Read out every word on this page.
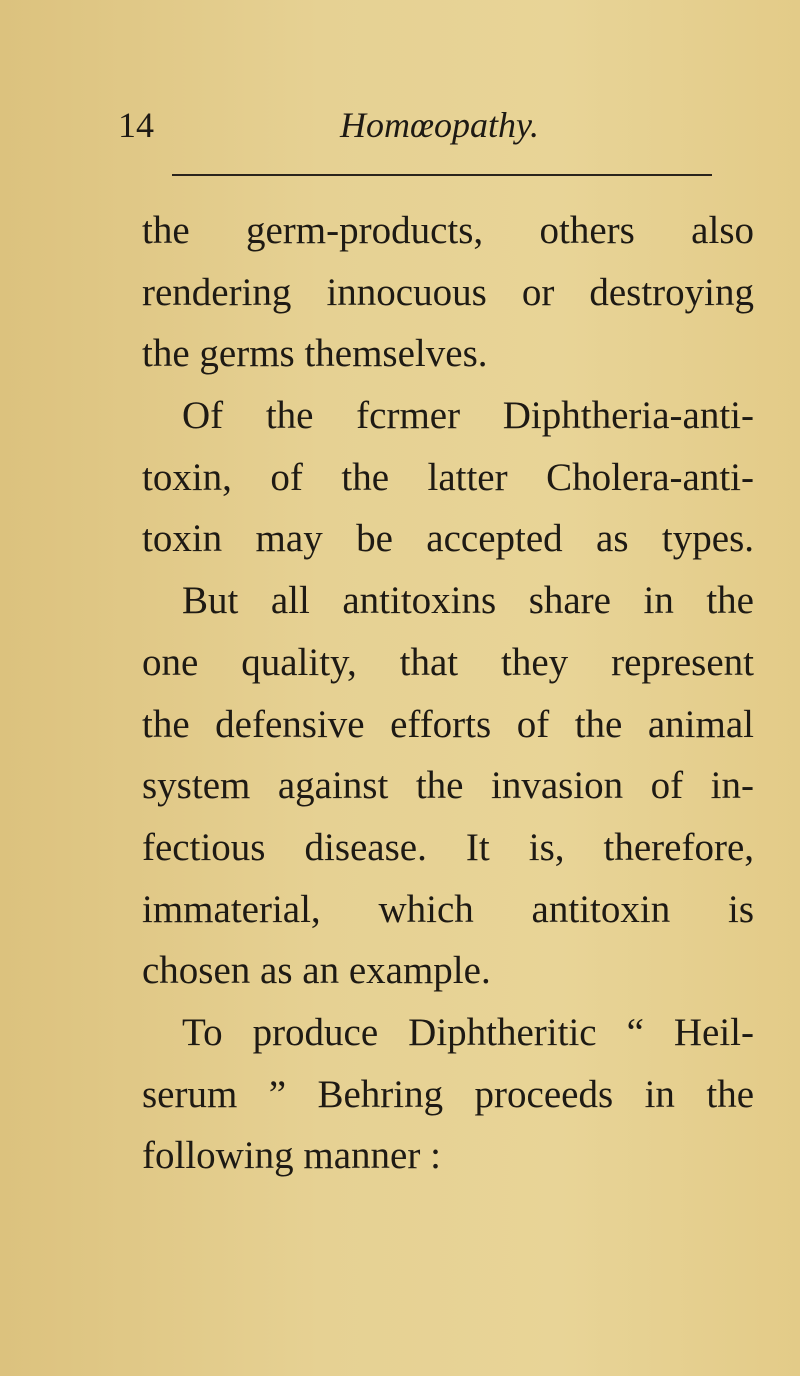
14	Homœopathy.
the germ-products, others also
rendering innocuous or destroying
the germs themselves.
Of the fcrmer Diphtheria-anti-
toxin, of the latter Cholera-anti-
toxin may be accepted as types.
But all antitoxins share in the
one quality, that they represent
the defensive efforts of the animal
system against the invasion of in-
fectious disease. It is, therefore,
immaterial, which antitoxin is
chosen as an example.
To produce Diphtheritic “ Heil-
serum ” Behring proceeds in the
following manner :
